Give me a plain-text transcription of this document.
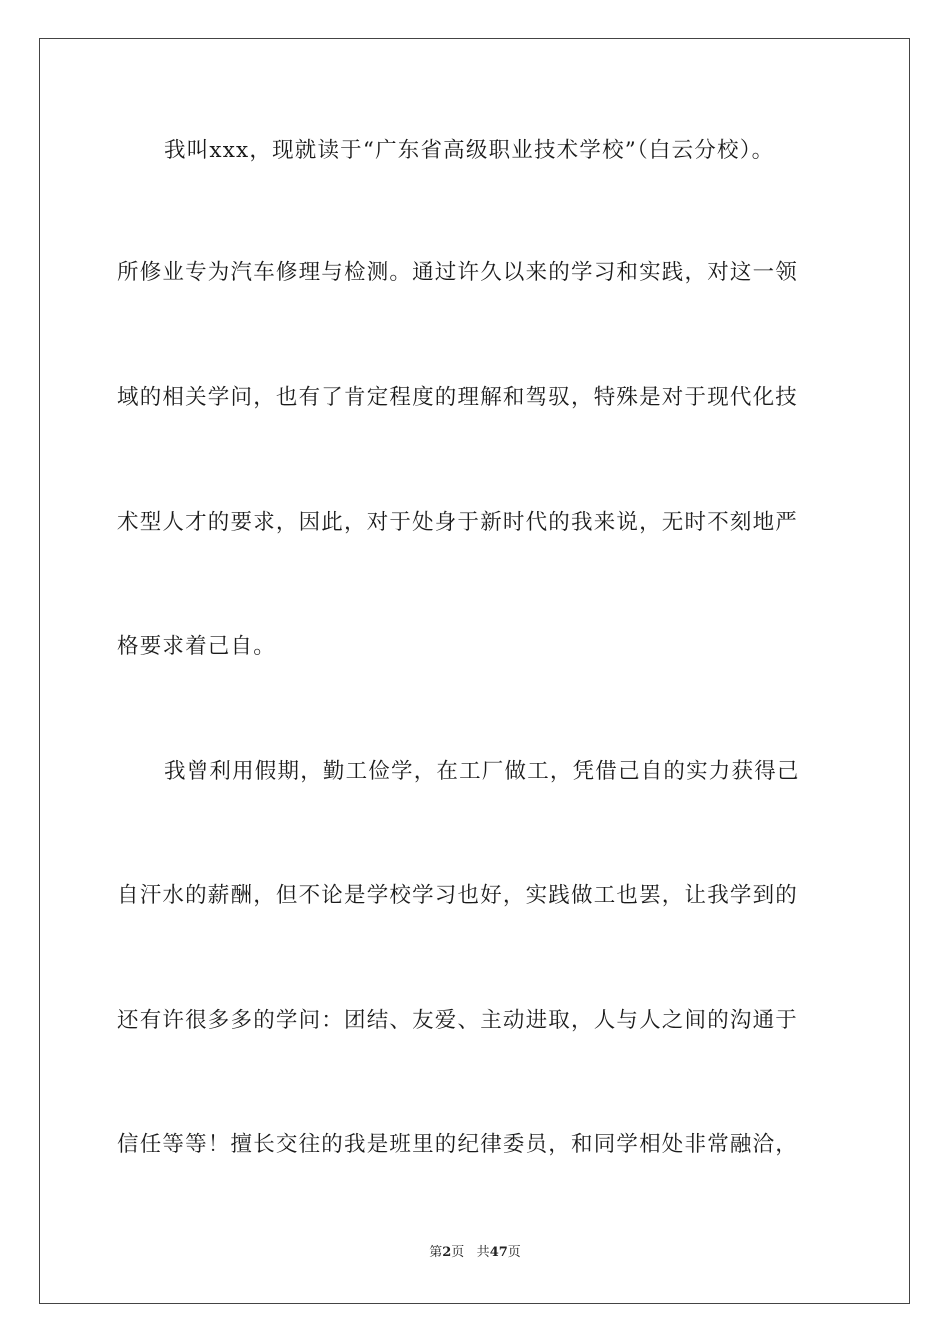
我叫xxx，现就读于“广东省高级职业技术学校”（白云分校）。
所修业专为汽车修理与检测。通过许久以来的学习和实践，对这一领
域的相关学问，也有了肯定程度的理解和驾驭，特殊是对于现代化技
术型人才的要求，因此，对于处身于新时代的我来说，无时不刻地严
格要求着己自。
我曾利用假期，勤工俭学，在工厂做工，凭借己自的实力获得己
自汗水的薪酬，但不论是学校学习也好，实践做工也罢，让我学到的
还有许很多多的学问：团结、友爱、主动进取，人与人之间的沟通于
信任等等！擅长交往的我是班里的纪律委员，和同学相处非常融洽，
第2页 共47页
